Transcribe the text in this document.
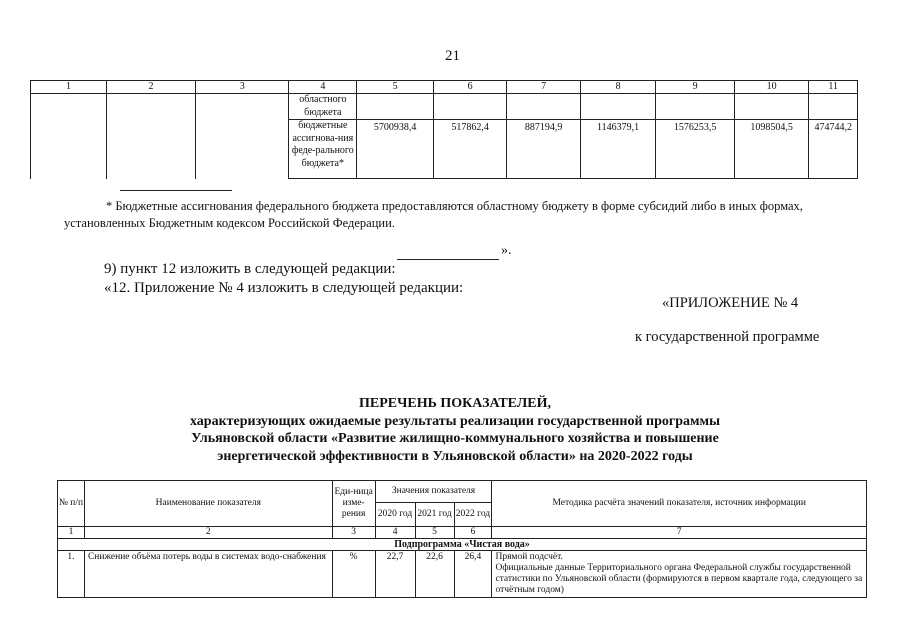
21
1	2	3	4	5	6	7	8	9	10	11
			областного бюджета							
			бюджетные ассигнова-ния феде-рального бюджета*	5700938,4	517862,4	887194,9	1146379,1	1576253,5	1098504,5	474744,2
* Бюджетные ассигнования федерального бюджета предоставляются областному бюджету в форме субсидий либо в иных формах, установленных Бюджетным кодексом Российской Федерации.
».
9) пункт 12 изложить в следующей редакции:
«12. Приложение № 4 изложить в следующей редакции:
«ПРИЛОЖЕНИЕ № 4
к государственной программе
ПЕРЕЧЕНЬ ПОКАЗАТЕЛЕЙ,
характеризующих ожидаемые результаты реализации государственной программы
Ульяновской области «Развитие жилищно-коммунального хозяйства и повышение
энергетической эффективности в Ульяновской области» на 2020-2022 годы
№ п/п	Наименование показателя	Еди-ница изме-рения	Значения показателя			Методика расчёта значений показателя, источник информации
			2020 год	2021 год	2022 год	
1	2	3	4	5	6	7
Подпрограмма «Чистая вода»						
1.	Снижение объёма потерь воды в системах водо-снабжения	%	22,7	22,6	26,4	Прямой подсчёт.
Официальные данные Территориального органа Федеральной службы государственной статистики по Ульяновской области (формируются в первом квартале года, следующего за отчётным годом)
